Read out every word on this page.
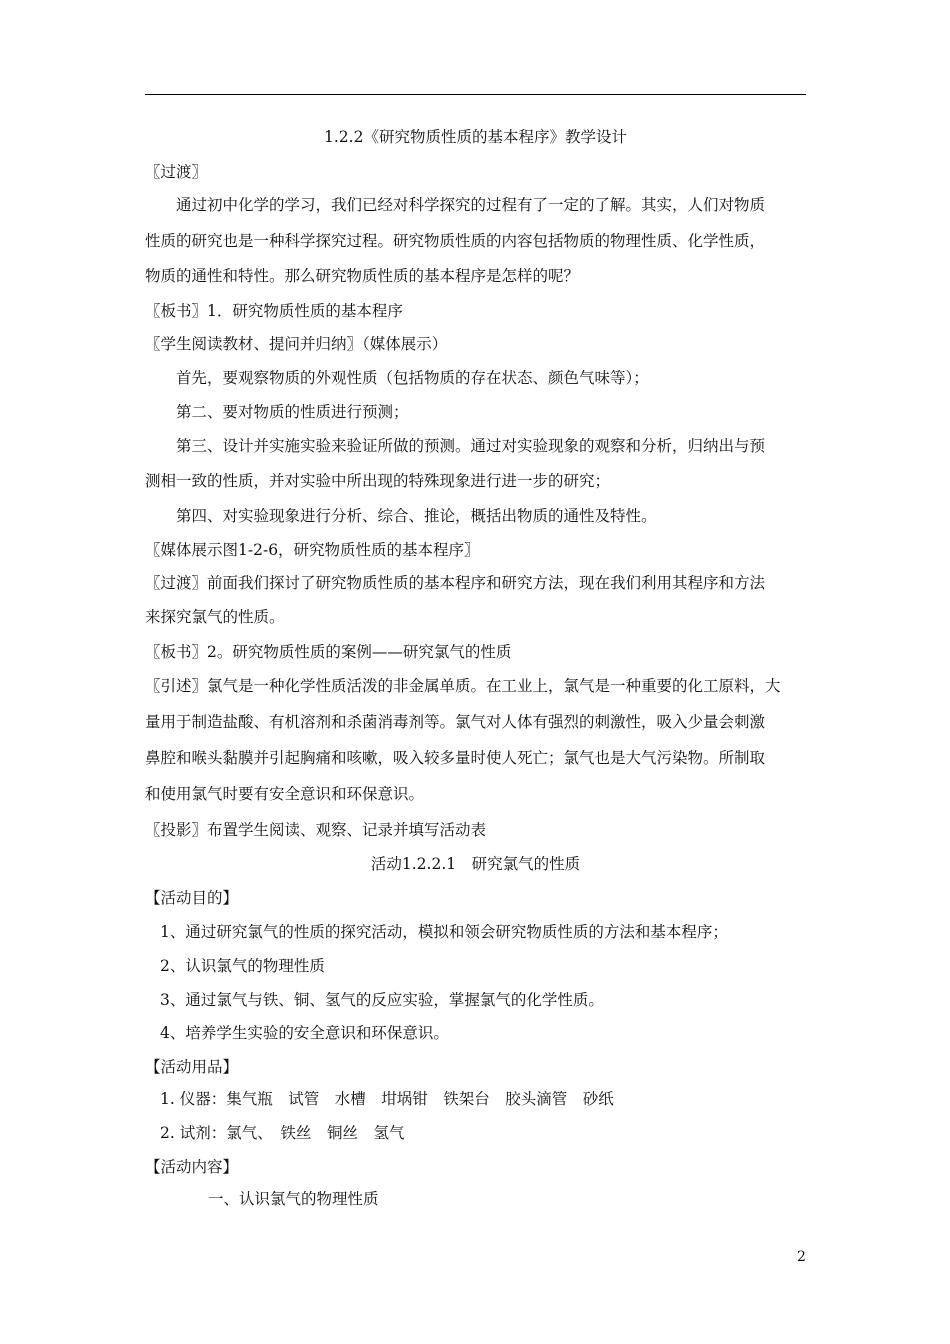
1.2.2《研究物质性质的基本程序》教学设计
〖过渡〗
通过初中化学的学习，我们已经对科学探究的过程有了一定的了解。其实，人们对物质
性质的研究也是一种科学探究过程。研究物质性质的内容包括物质的物理性质、化学性质，
物质的通性和特性。那么研究物质性质的基本程序是怎样的呢？
〖板书〗1．研究物质性质的基本程序
〖学生阅读教材、提问并归纳〗（媒体展示）
首先，要观察物质的外观性质（包括物质的存在状态、颜色气味等）；
第二、要对物质的性质进行预测；
第三、设计并实施实验来验证所做的预测。通过对实验现象的观察和分析，归纳出与预
测相一致的性质，并对实验中所出现的特殊现象进行进一步的研究；
第四、对实验现象进行分析、综合、推论，概括出物质的通性及特性。
〖媒体展示图1-2-6，研究物质性质的基本程序〗
〖过渡〗前面我们探讨了研究物质性质的基本程序和研究方法，现在我们利用其程序和方法
来探究氯气的性质。
〖板书〗2。研究物质性质的案例——研究氯气的性质
〖引述〗氯气是一种化学性质活泼的非金属单质。在工业上，氯气是一种重要的化工原料，大
量用于制造盐酸、有机溶剂和杀菌消毒剂等。氯气对人体有强烈的刺激性，吸入少量会刺激
鼻腔和喉头黏膜并引起胸痛和咳嗽，吸入较多量时使人死亡；氯气也是大气污染物。所制取
和使用氯气时要有安全意识和环保意识。
〖投影〗布置学生阅读、观察、记录并填写活动表
活动1.2.2.1　研究氯气的性质
【活动目的】
1、通过研究氯气的性质的探究活动，模拟和领会研究物质性质的方法和基本程序；
2、认识氯气的物理性质
3、通过氯气与铁、铜、氢气的反应实验，掌握氯气的化学性质。
4、培养学生实验的安全意识和环保意识。
【活动用品】
1. 仪器：集气瓶　试管　水槽　坩埚钳　铁架台　胶头滴管　砂纸
2. 试剂：氯气、　铁丝　铜丝　氢气
【活动内容】
一、认识氯气的物理性质
2
